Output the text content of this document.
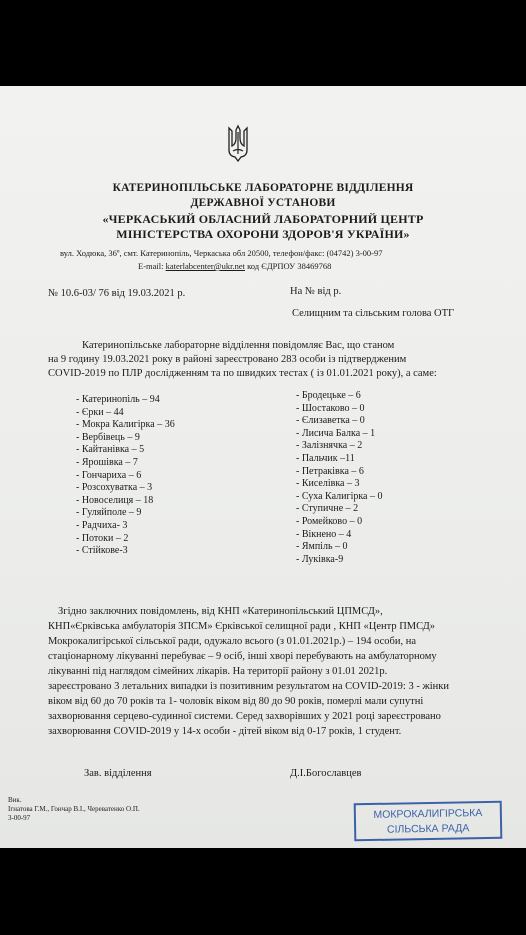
КАТЕРИНОПІЛЬСЬКЕ ЛАБОРАТОРНЕ ВІДДІЛЕННЯ
ДЕРЖАВНОЇ УСТАНОВИ
«ЧЕРКАСЬКИЙ ОБЛАСНИЙ ЛАБОРАТОРНИЙ ЦЕНТР
МІНІСТЕРСТВА ОХОРОНИ ЗДОРОВ'Я УКРАЇНИ»
вул. Ходюка, 36º, смт. Катеринопіль, Черкаська обл 20500, телефон/факс: (04742) 3-00-97
E-mail: katerlabcenter@ukr.net код ЄДРПОУ 38469768
№ 10.6-03/ 76 від 19.03.2021 р.	На № від р.
Селищним та сільським голова ОТГ
Катеринопільське лабораторне відділення повідомляє Вас, що станом
на 9 годину 19.03.2021 року в районі зареєстровано 283 особи із підтвердженим
COVID-2019 по ПЛР дослідженням та по швидких тестах ( із 01.01.2021 року), а саме:
- Катеринопіль – 94
- Єрки – 44
- Мокра Калигірка – 36
- Вербівець – 9
- Кайтанівка – 5
- Ярошівка – 7
- Гончариха – 6
- Розсохуватка – 3
- Новоселиця – 18
- Гуляйполе – 9
- Радчиха- 3
- Потоки – 2
- Стійкове-3
- Бродецьке – 6
- Шостаково – 0
- Єлизаветка – 0
- Лисича Балка – 1
- Залізнячка – 2
- Пальчик –11
- Петраківка – 6
- Киселівка – 3
- Суха Калигірка – 0
- Ступичне – 2
- Ромейково – 0
- Вікнено – 4
- Ямпіль – 0
- Луківка-9
Згідно заключних повідомлень, від КНП «Катеринопільський ЦПМСД»,
КНП«Єрківська амбулаторія ЗПСМ» Єрківської селищної ради , КНП «Центр ПМСД»
Мокрокалигірської сільської ради, одужало всього (з 01.01.2021р.) – 194 особи, на
стаціонарному лікуванні перебуває – 9 осіб, інші хворі перебувають на амбулаторному
лікуванні під наглядом сімейних лікарів. На території району з 01.01 2021р.
зареєстровано 3 летальних випадки із позитивним результатом на COVID-2019: 3 - жінки
віком від 60 до 70 років та 1- чоловік віком від 80 до 90 років, померлі мали супутні
захворювання серцево-судинної системи. Серед захворівших у 2021 році зареєстровано
захворювання COVID-2019 у 14-х особи - дітей віком від 0-17 років, 1 студент.
Зав. відділення	Д.І.Богославцев
Вик.
Ігнатова Г.М., Гончар В.І., Череватенко О.П.
3-00-97	МОКРОКАЛИГІРСЬКА
СІЛЬСЬКА РАДА
